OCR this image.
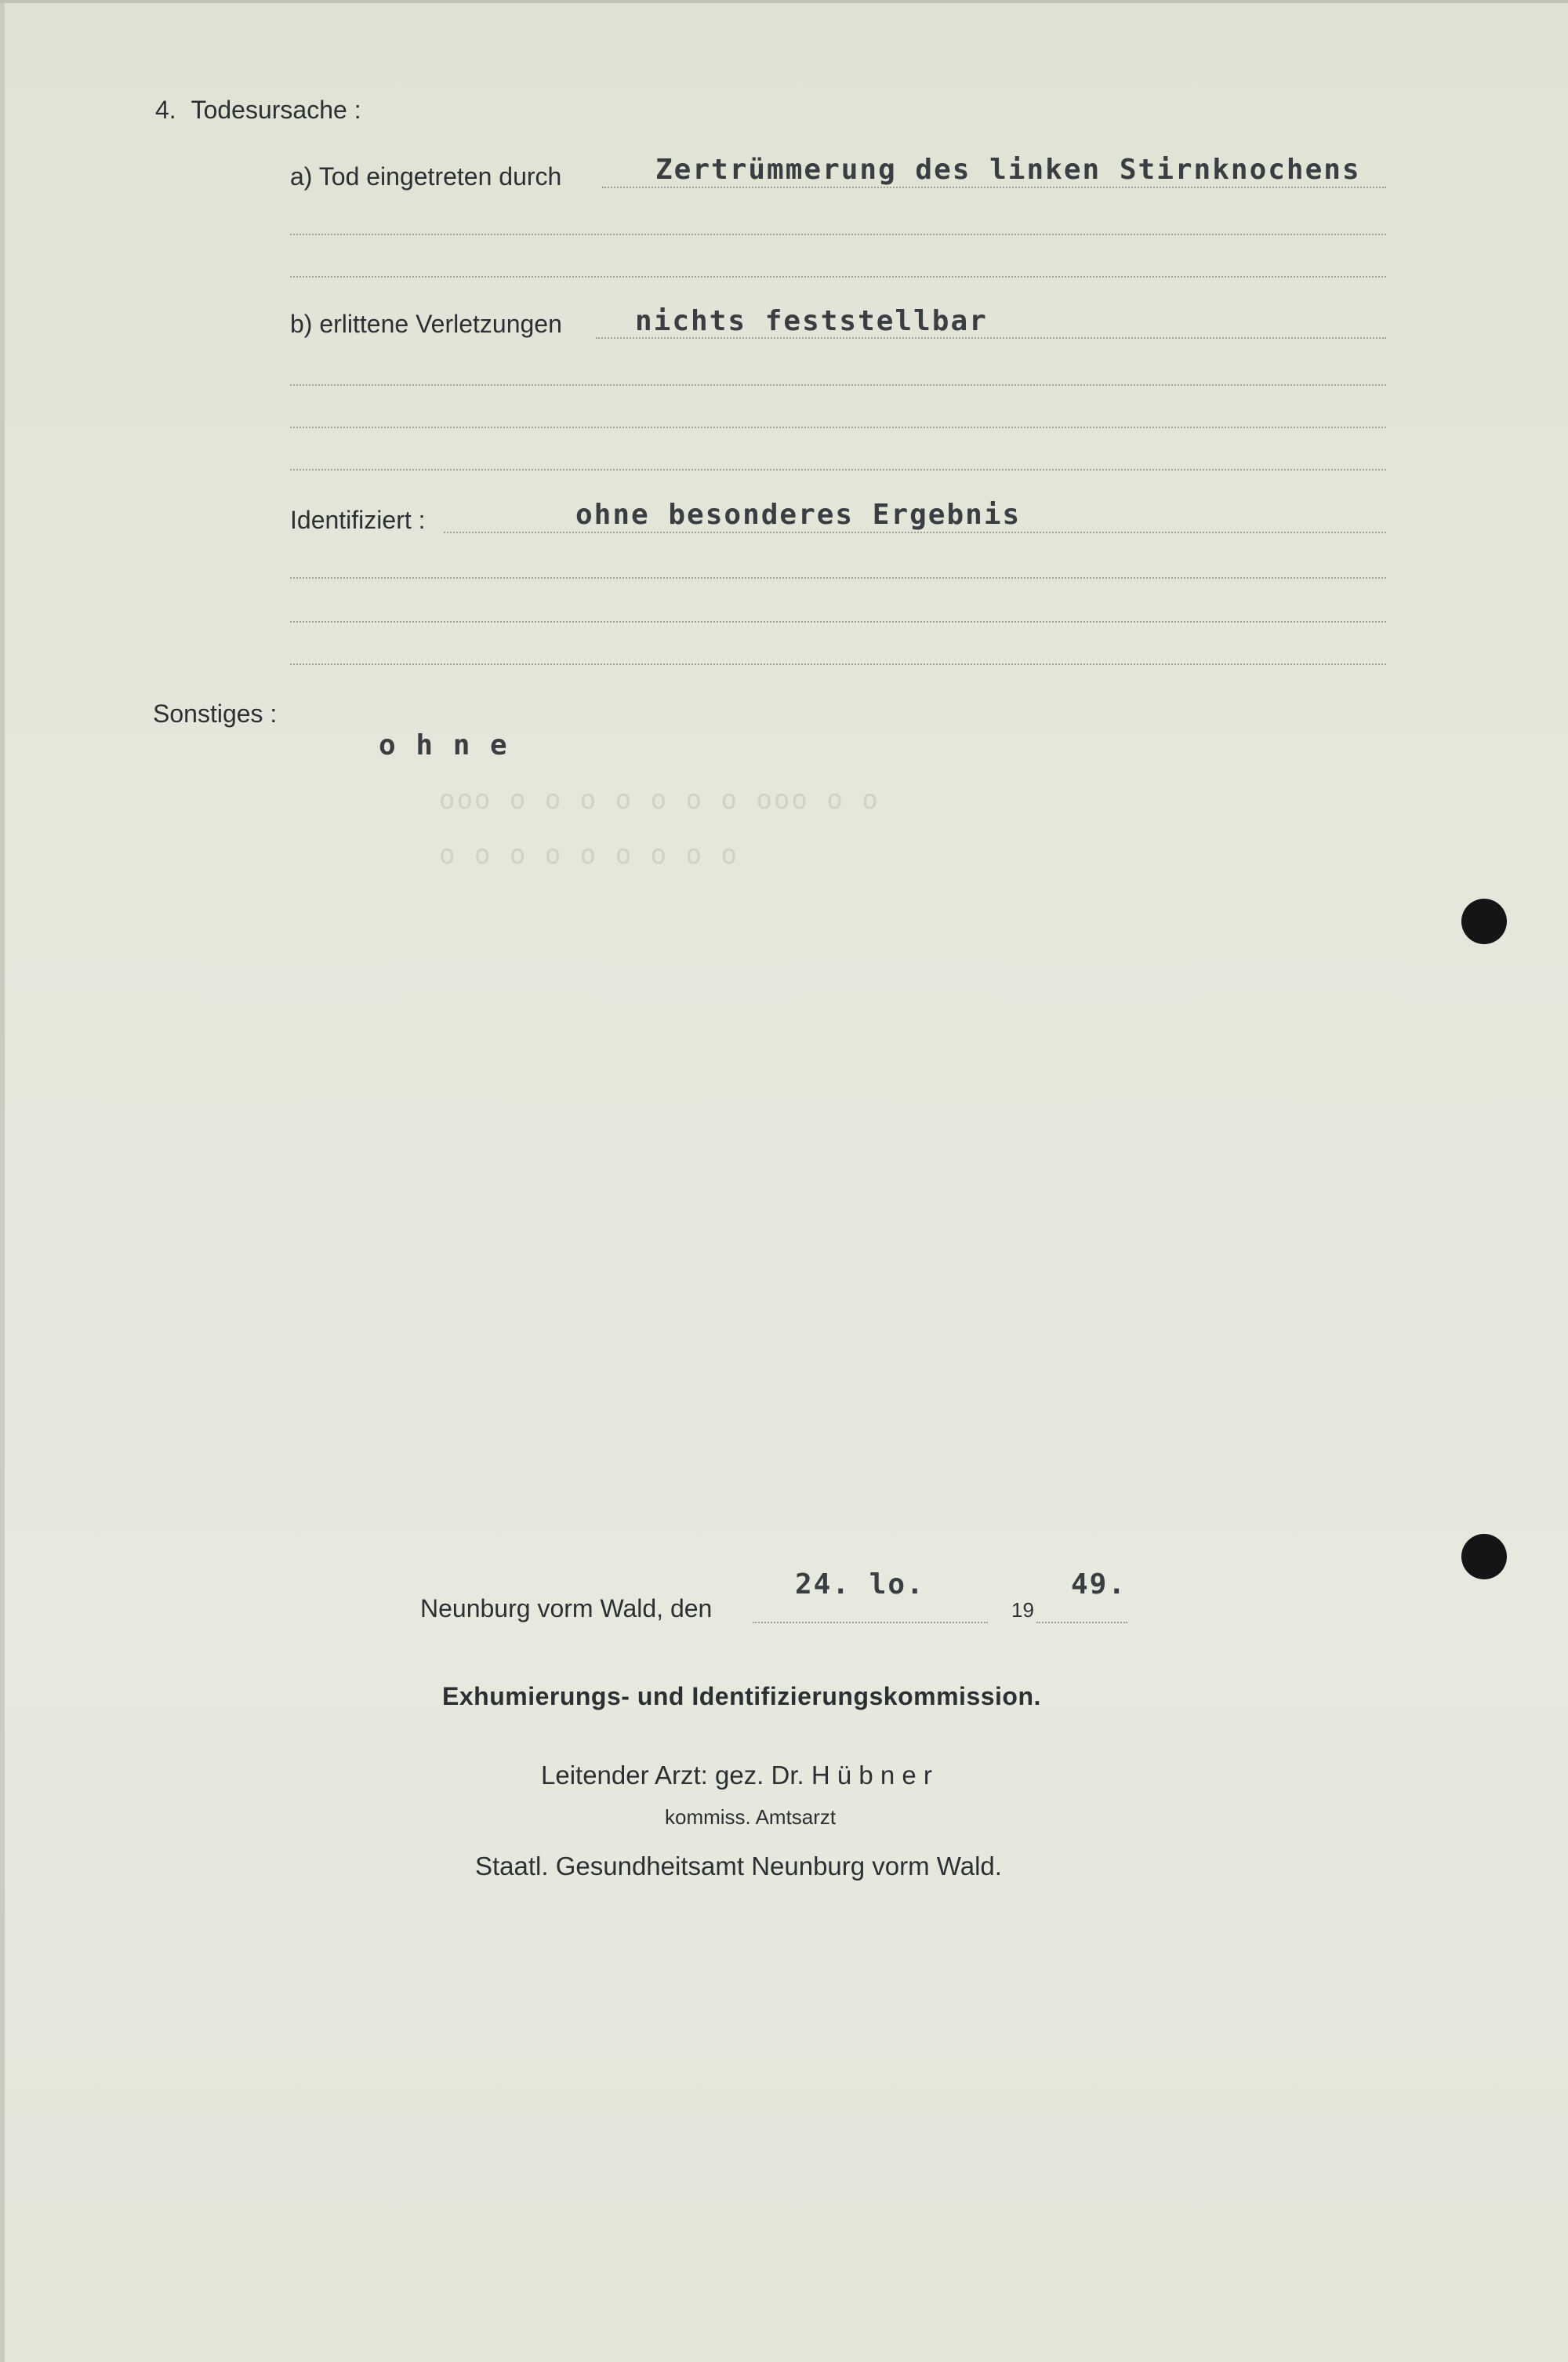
ooo o o o o o o o ooo o o
o o o o o o o o o
4. Todesursache :
a) Tod eingetreten durch	Zertrümmerung des linken Stirnknochens
b) erlittene Verletzungen	nichts feststellbar
Identifiziert :	ohne besonderes Ergebnis
Sonstiges :
o h n e
Neunburg vorm Wald, den
24. lo.
19
49.
Exhumierungs- und Identifizierungskommission.
Leitender Arzt: gez. Dr. H ü b n e r
kommiss. Amtsarzt
Staatl. Gesundheitsamt Neunburg vorm Wald.
